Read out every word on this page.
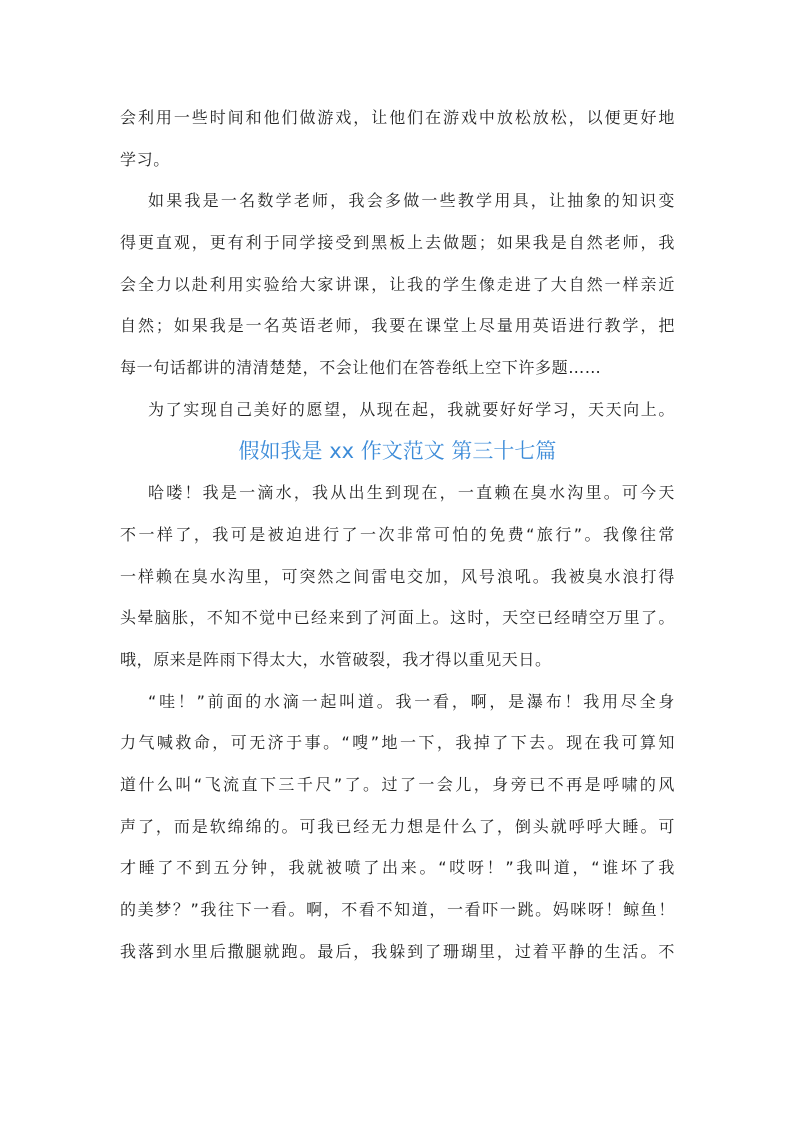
会利用一些时间和他们做游戏，让他们在游戏中放松放松，以便更好地
学习。
如果我是一名数学老师，我会多做一些教学用具，让抽象的知识变
得更直观，更有利于同学接受到黑板上去做题；如果我是自然老师，我
会全力以赴利用实验给大家讲课，让我的学生像走进了大自然一样亲近
自然；如果我是一名英语老师，我要在课堂上尽量用英语进行教学，把
每一句话都讲的清清楚楚，不会让他们在答卷纸上空下许多题……
为了实现自己美好的愿望，从现在起，我就要好好学习，天天向上。
假如我是 xx 作文范文 第三十七篇
哈喽！我是一滴水，我从出生到现在，一直赖在臭水沟里。可今天
不一样了，我可是被迫进行了一次非常可怕的免费“旅行”。我像往常
一样赖在臭水沟里，可突然之间雷电交加，风号浪吼。我被臭水浪打得
头晕脑胀，不知不觉中已经来到了河面上。这时，天空已经晴空万里了。
哦，原来是阵雨下得太大，水管破裂，我才得以重见天日。
“哇！”前面的水滴一起叫道。我一看，啊，是瀑布！我用尽全身
力气喊救命，可无济于事。“嗖”地一下，我掉了下去。现在我可算知
道什么叫“飞流直下三千尺”了。过了一会儿，身旁已不再是呼啸的风
声了，而是软绵绵的。可我已经无力想是什么了，倒头就呼呼大睡。可
才睡了不到五分钟，我就被喷了出来。“哎呀！”我叫道，“谁坏了我
的美梦？”我往下一看。啊，不看不知道，一看吓一跳。妈咪呀！鲸鱼！
我落到水里后撒腿就跑。最后，我躲到了珊瑚里，过着平静的生活。不
